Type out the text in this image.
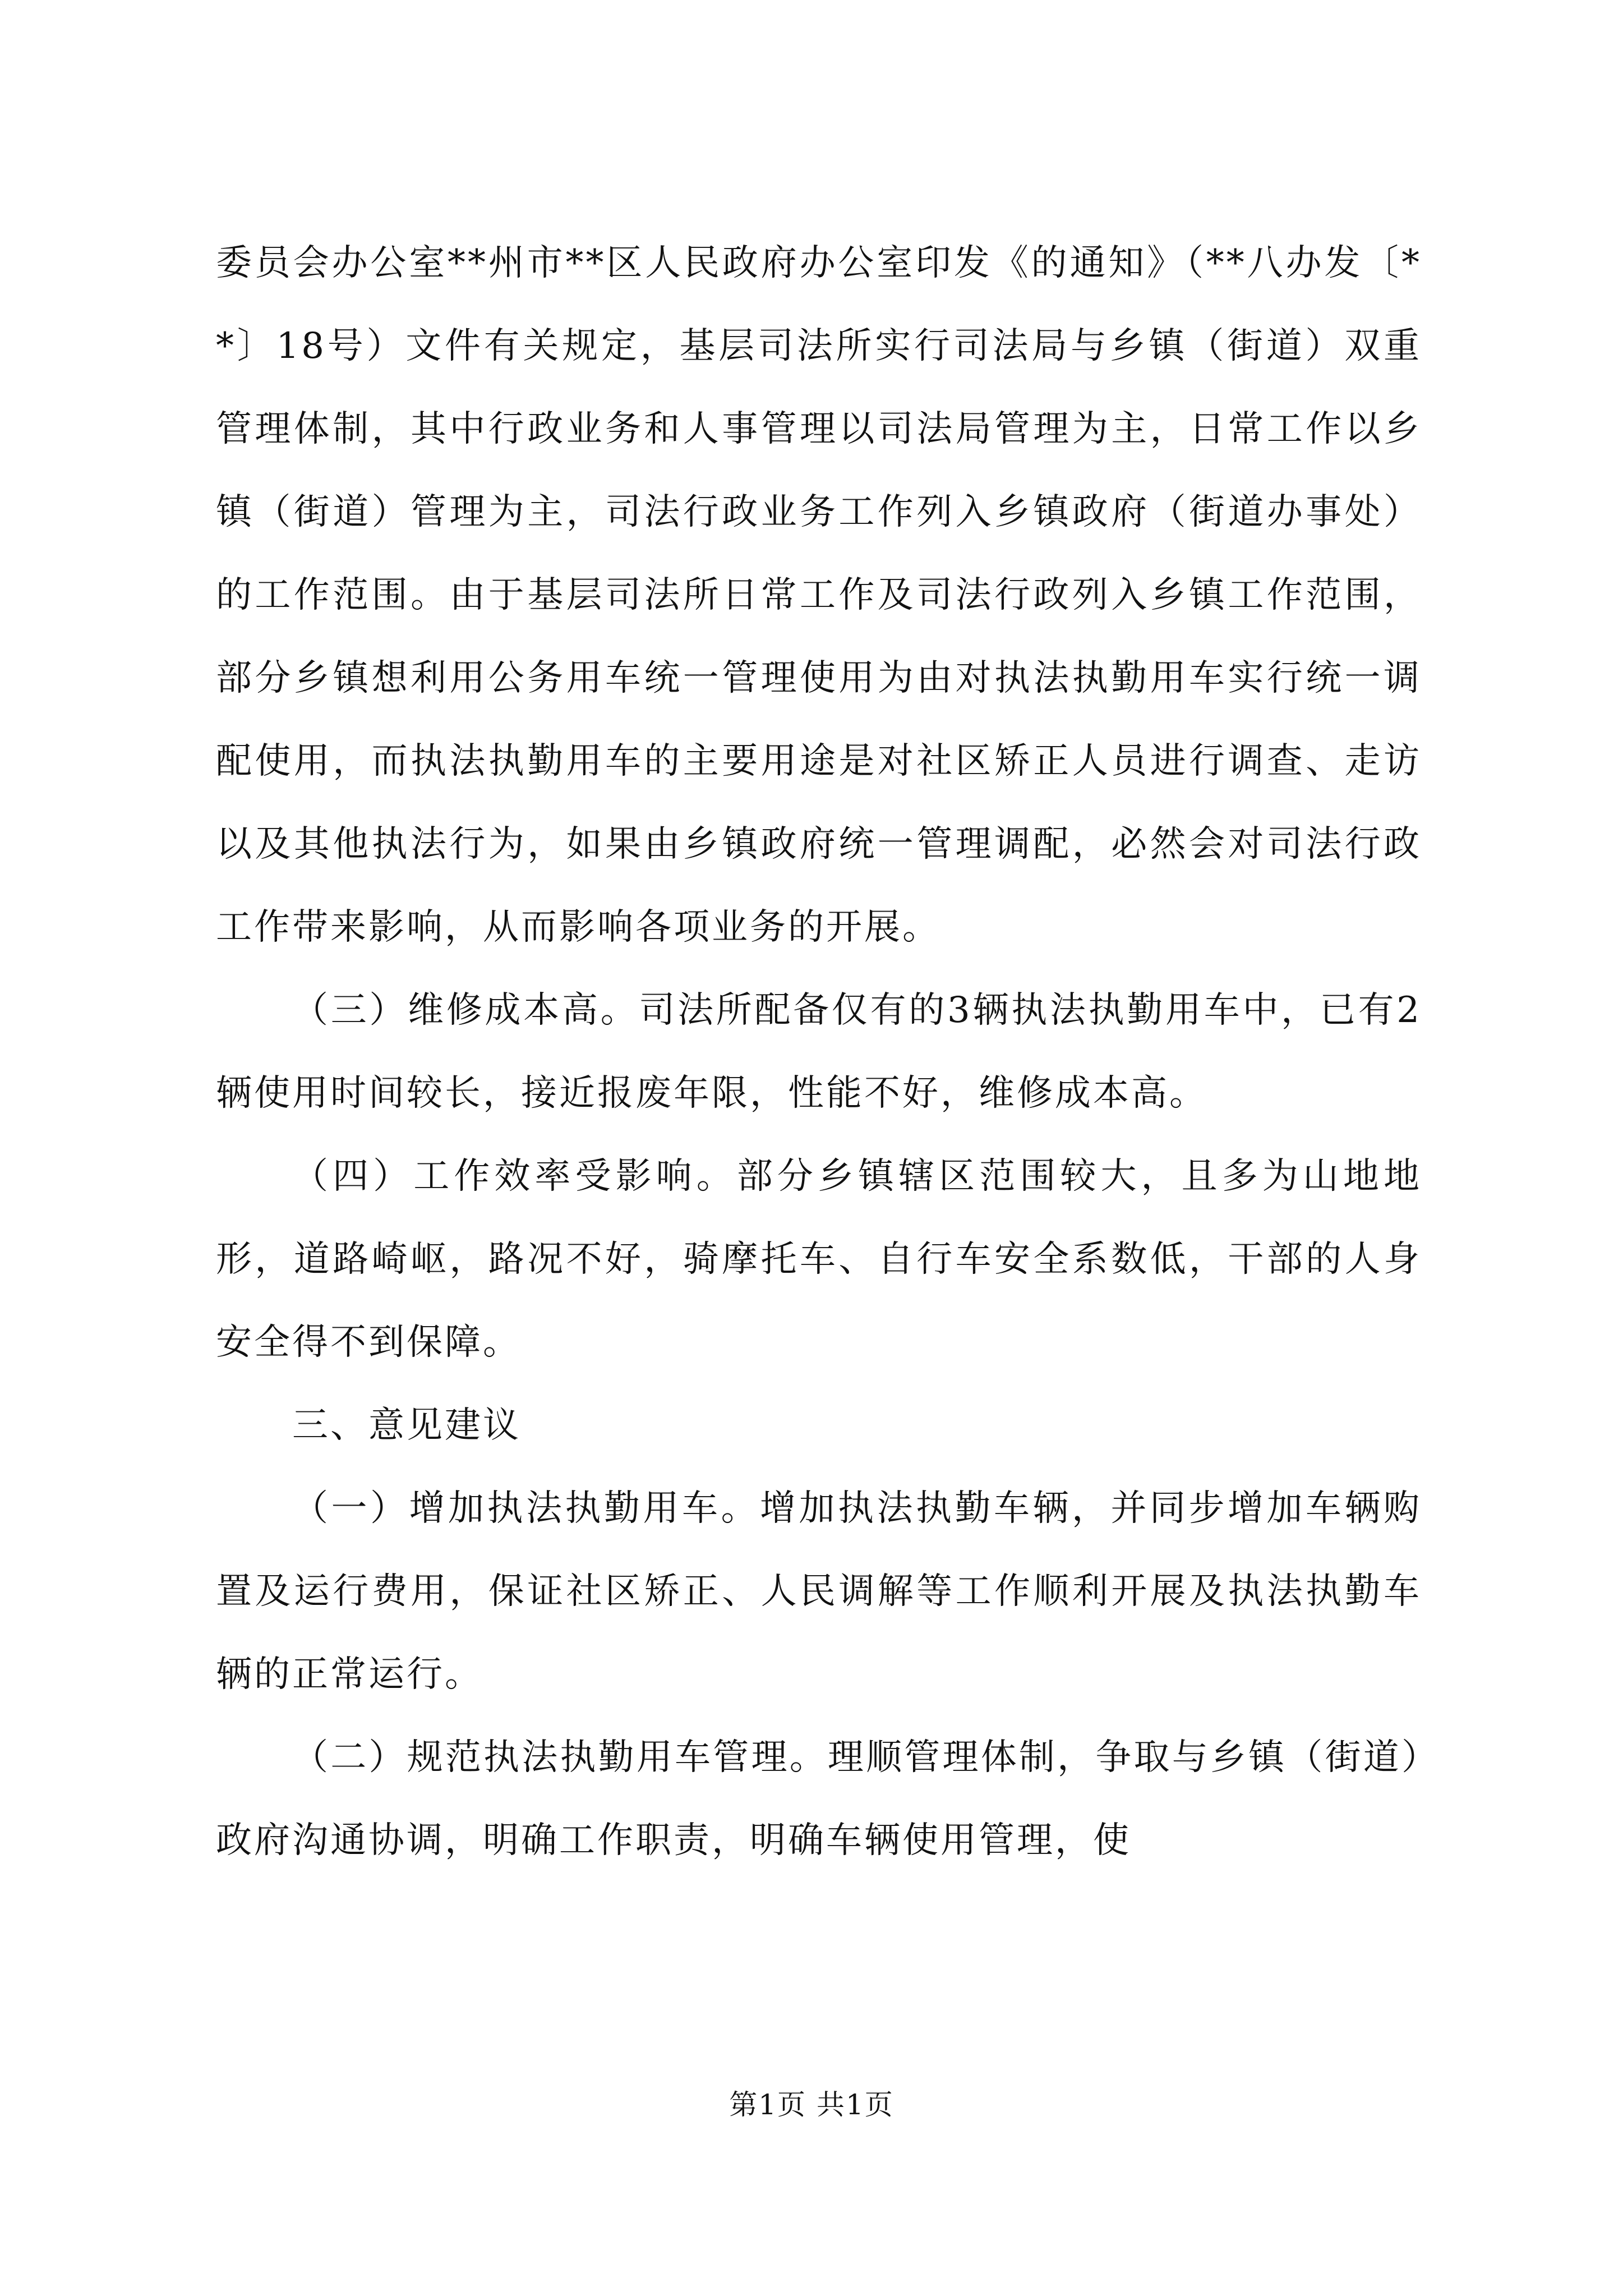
委员会办公室**州市**区人民政府办公室印发《的通知》（**八办发〔**〕18号）文件有关规定，基层司法所实行司法局与乡镇（街道）双重管理体制，其中行政业务和人事管理以司法局管理为主，日常工作以乡镇（街道）管理为主，司法行政业务工作列入乡镇政府（街道办事处）的工作范围。由于基层司法所日常工作及司法行政列入乡镇工作范围，部分乡镇想利用公务用车统一管理使用为由对执法执勤用车实行统一调配使用，而执法执勤用车的主要用途是对社区矫正人员进行调查、走访以及其他执法行为，如果由乡镇政府统一管理调配，必然会对司法行政工作带来影响，从而影响各项业务的开展。

（三）维修成本高。司法所配备仅有的3辆执法执勤用车中，已有2辆使用时间较长，接近报废年限，性能不好，维修成本高。

（四）工作效率受影响。部分乡镇辖区范围较大，且多为山地地形，道路崎岖，路况不好，骑摩托车、自行车安全系数低，干部的人身安全得不到保障。

三、意见建议

（一）增加执法执勤用车。增加执法执勤车辆，并同步增加车辆购置及运行费用，保证社区矫正、人民调解等工作顺利开展及执法执勤车辆的正常运行。

（二）规范执法执勤用车管理。理顺管理体制，争取与乡镇（街道）政府沟通协调，明确工作职责，明确车辆使用管理，使

第1页 共1页
